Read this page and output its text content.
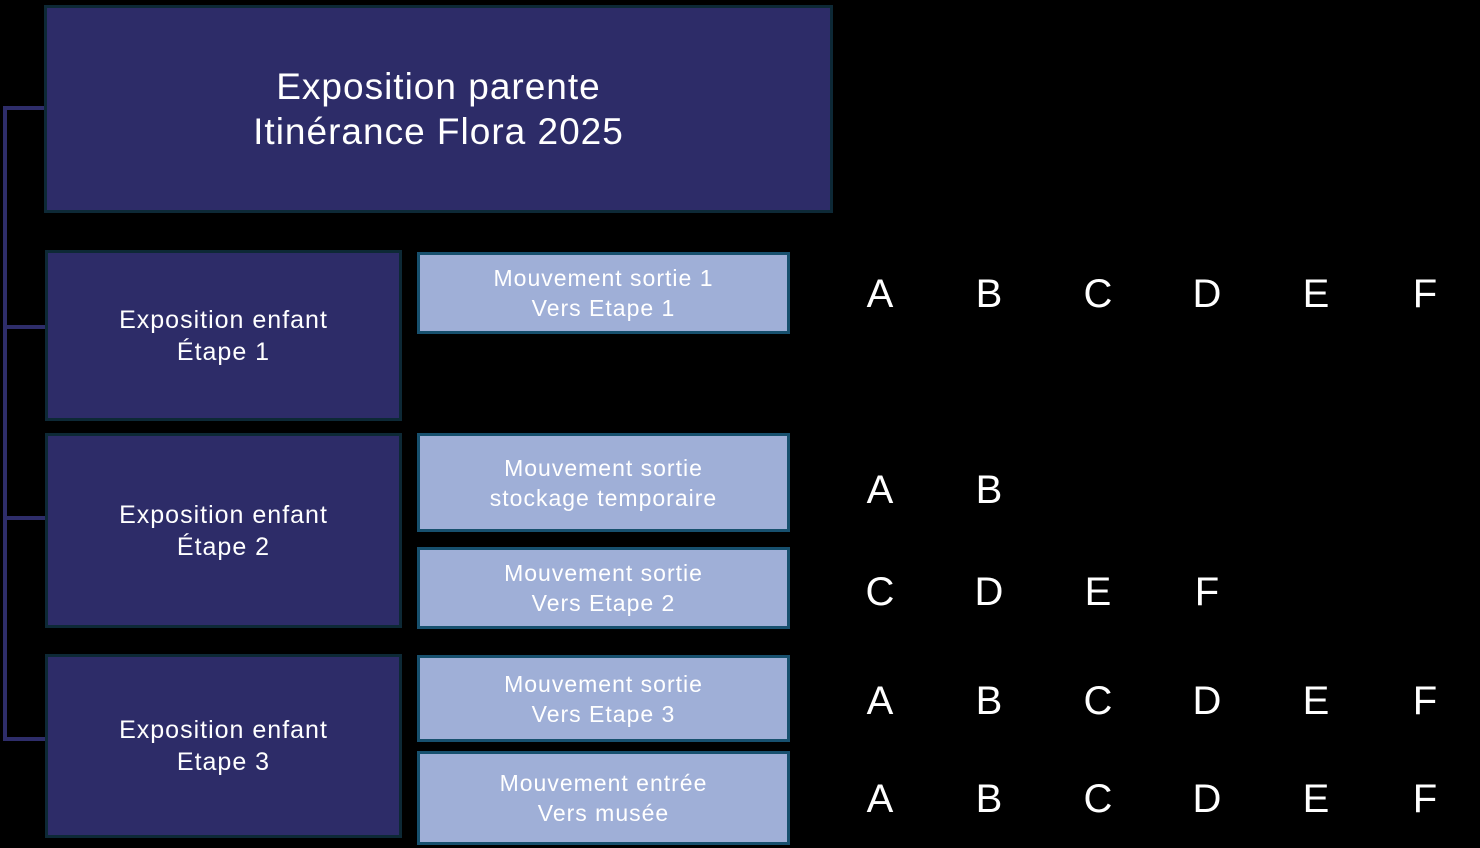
Exposition parente
Itinérance Flora 2025
Exposition enfant
Étape 1
Exposition enfant
Étape 2
Exposition enfant
Etape 3
Mouvement sortie 1
Vers Etape 1
Mouvement sortie
stockage temporaire
Mouvement sortie
Vers Etape 2
Mouvement sortie
Vers Etape 3
Mouvement entrée
Vers musée
A	B	C	D	E	F
A	B
C	D	E	F
A	B	C	D	E	F
A	B	C	D	E	F
